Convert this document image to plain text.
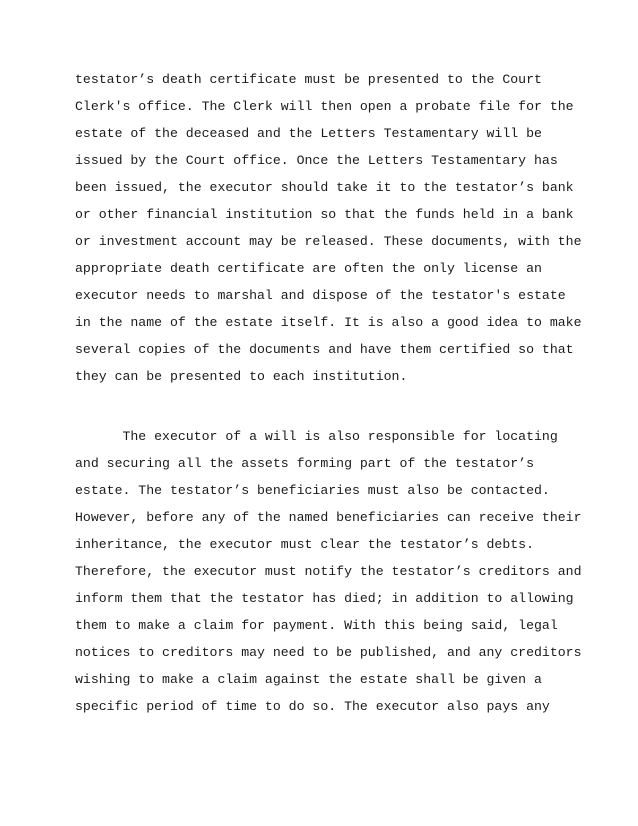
testator’s death certificate must be presented to the Court
Clerk's office. The Clerk will then open a probate file for the
estate of the deceased and the Letters Testamentary will be
issued by the Court office. Once the Letters Testamentary has
been issued, the executor should take it to the testator’s bank
or other financial institution so that the funds held in a bank
or investment account may be released. These documents, with the
appropriate death certificate are often the only license an
executor needs to marshal and dispose of the testator's estate
in the name of the estate itself. It is also a good idea to make
several copies of the documents and have them certified so that
they can be presented to each institution.
The executor of a will is also responsible for locating
and securing all the assets forming part of the testator’s
estate. The testator’s beneficiaries must also be contacted.
However, before any of the named beneficiaries can receive their
inheritance, the executor must clear the testator’s debts.
Therefore, the executor must notify the testator’s creditors and
inform them that the testator has died; in addition to allowing
them to make a claim for payment. With this being said, legal
notices to creditors may need to be published, and any creditors
wishing to make a claim against the estate shall be given a
specific period of time to do so. The executor also pays any
